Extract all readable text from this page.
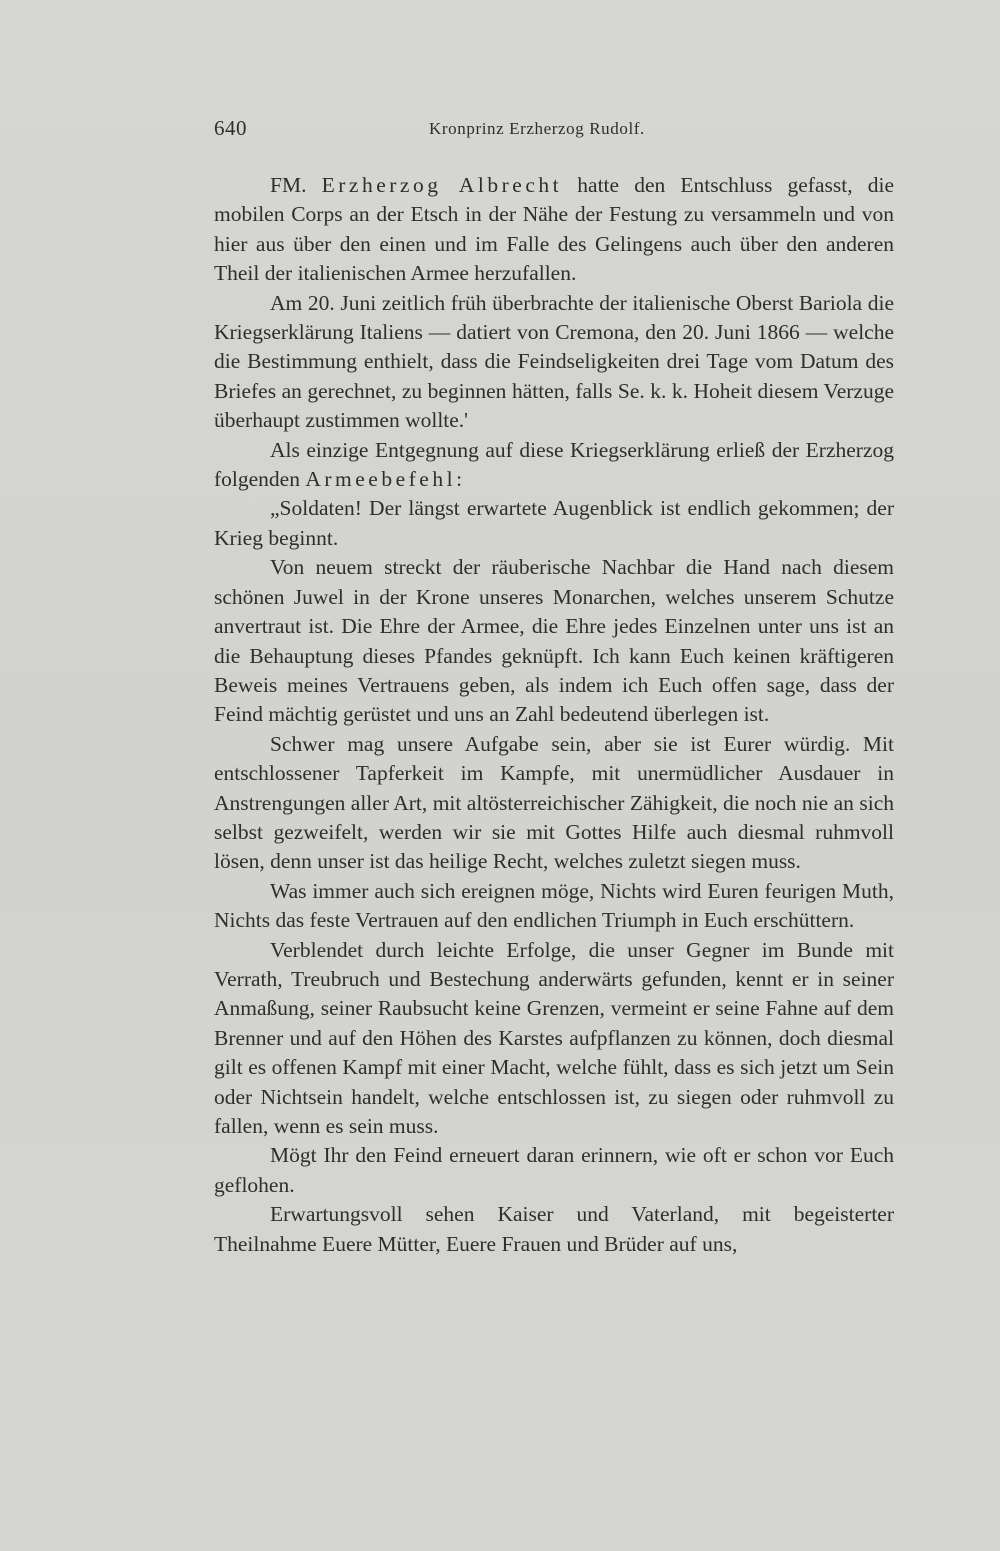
640	Kronprinz Erzherzog Rudolf.

FM. Erzherzog Albrecht hatte den Entschluss gefasst, die mobilen Corps an der Etsch in der Nähe der Festung zu versammeln und von hier aus über den einen und im Falle des Gelingens auch über den anderen Theil der italienischen Armee herzufallen.

Am 20. Juni zeitlich früh überbrachte der italienische Oberst Bariola die Kriegserklärung Italiens — datiert von Cremona, den 20. Juni 1866 — welche die Bestimmung enthielt, dass die Feindseligkeiten drei Tage vom Datum des Briefes an gerechnet, zu beginnen hätten, falls Se. k. k. Hoheit diesem Verzuge überhaupt zustimmen wollte.'

Als einzige Entgegnung auf diese Kriegserklärung erließ der Erzherzog folgenden Armeebefehl:

„Soldaten! Der längst erwartete Augenblick ist endlich gekommen; der Krieg beginnt.

Von neuem streckt der räuberische Nachbar die Hand nach diesem schönen Juwel in der Krone unseres Monarchen, welches unserem Schutze anvertraut ist. Die Ehre der Armee, die Ehre jedes Einzelnen unter uns ist an die Behauptung dieses Pfandes geknüpft. Ich kann Euch keinen kräftigeren Beweis meines Vertrauens geben, als indem ich Euch offen sage, dass der Feind mächtig gerüstet und uns an Zahl bedeutend überlegen ist.

Schwer mag unsere Aufgabe sein, aber sie ist Eurer würdig. Mit entschlossener Tapferkeit im Kampfe, mit unermüdlicher Ausdauer in Anstrengungen aller Art, mit altösterreichischer Zähigkeit, die noch nie an sich selbst gezweifelt, werden wir sie mit Gottes Hilfe auch diesmal ruhmvoll lösen, denn unser ist das heilige Recht, welches zuletzt siegen muss.

Was immer auch sich ereignen möge, Nichts wird Euren feurigen Muth, Nichts das feste Vertrauen auf den endlichen Triumph in Euch erschüttern.

Verblendet durch leichte Erfolge, die unser Gegner im Bunde mit Verrath, Treubruch und Bestechung anderwärts gefunden, kennt er in seiner Anmaßung, seiner Raubsucht keine Grenzen, vermeint er seine Fahne auf dem Brenner und auf den Höhen des Karstes aufpflanzen zu können, doch diesmal gilt es offenen Kampf mit einer Macht, welche fühlt, dass es sich jetzt um Sein oder Nichtsein handelt, welche entschlossen ist, zu siegen oder ruhmvoll zu fallen, wenn es sein muss.

Mögt Ihr den Feind erneuert daran erinnern, wie oft er schon vor Euch geflohen.

Erwartungsvoll sehen Kaiser und Vaterland, mit begeisterter Theilnahme Euere Mütter, Euere Frauen und Brüder auf uns,
